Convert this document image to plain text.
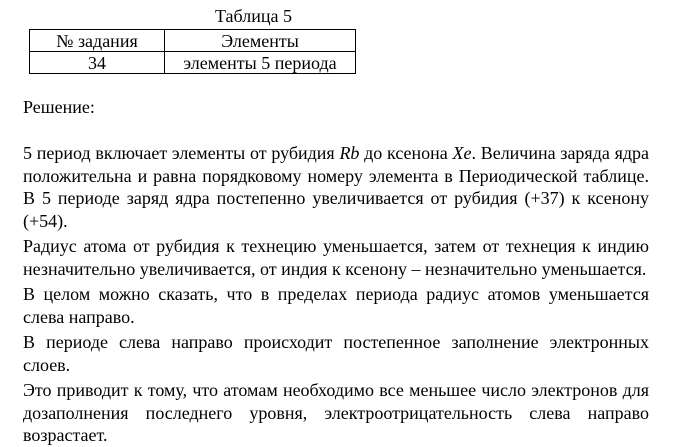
Таблица 5
№ задания	Элементы
34	элементы 5 периода
Решение:

5 период включает элементы от рубидия Rb до ксенона Xe. Величина заряда ядра положительна и равна порядковому номеру элемента в Периодической таблице. В 5 периоде заряд ядра постепенно увеличивается от рубидия (+37) к ксенону (+54).

Радиус атома от рубидия к технецию уменьшается, затем от технеция к индию незначительно увеличивается, от индия к ксенону – незначительно уменьшается.

В целом можно сказать, что в пределах периода радиус атомов уменьшается слева направо.

В периоде слева направо происходит постепенное заполнение электронных слоев.

Это приводит к тому, что атомам необходимо все меньшее число электронов для дозаполнения последнего уровня, электроотрицательность слева направо возрастает.
